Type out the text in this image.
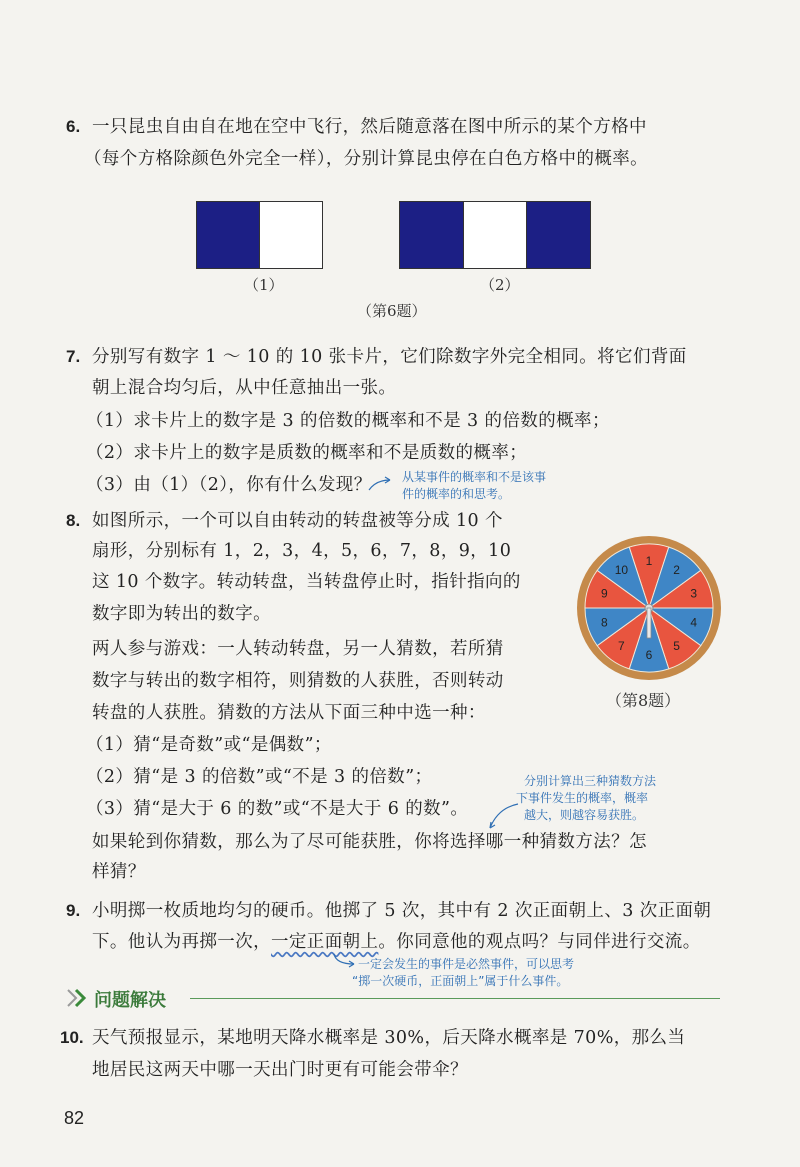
6. 一只昆虫自由自在地在空中飞行，然后随意落在图中所示的某个方格中
（每个方格除颜色外完全一样），分别计算昆虫停在白色方格中的概率。
（1）	（2）
（第6题）
7. 分别写有数字 1 ～ 10 的 10 张卡片，它们除数字外完全相同。将它们背面
朝上混合均匀后，从中任意抽出一张。
（1）求卡片上的数字是 3 的倍数的概率和不是 3 的倍数的概率；
（2）求卡片上的数字是质数的概率和不是质数的概率；
（3）由（1）（2），你有什么发现？	从某事件的概率和不是该事
件的概率的和思考。
8. 如图所示，一个可以自由转动的转盘被等分成 10 个
扇形，分别标有 1，2，3，4，5，6，7，8，9，10
这 10 个数字。转动转盘，当转盘停止时，指针指向的
数字即为转出的数字。
两人参与游戏：一人转动转盘，另一人猜数，若所猜
数字与转出的数字相符，则猜数的人获胜，否则转动
转盘的人获胜。猜数的方法从下面三种中选一种：
（1）猜“是奇数”或“是偶数”；
（2）猜“是 3 的倍数”或“不是 3 的倍数”；
（3）猜“是大于 6 的数”或“不是大于 6 的数”。
如果轮到你猜数，那么为了尽可能获胜，你将选择哪一种猜数方法？怎
样猜？
1
2
3
4
5
6
7
8
9
10
（第8题）
分别计算出三种猜数方法
下事件发生的概率，概率
越大，则越容易获胜。
9. 小明掷一枚质地均匀的硬币。他掷了 5 次，其中有 2 次正面朝上、3 次正面朝
下。他认为再掷一次，一定正面朝上。你同意他的观点吗？与同伴进行交流。
一定会发生的事件是必然事件，可以思考
“掷一次硬币，正面朝上”属于什么事件。
问题解决
10. 天气预报显示，某地明天降水概率是 30%，后天降水概率是 70%，那么当
地居民这两天中哪一天出门时更有可能会带伞？
82
